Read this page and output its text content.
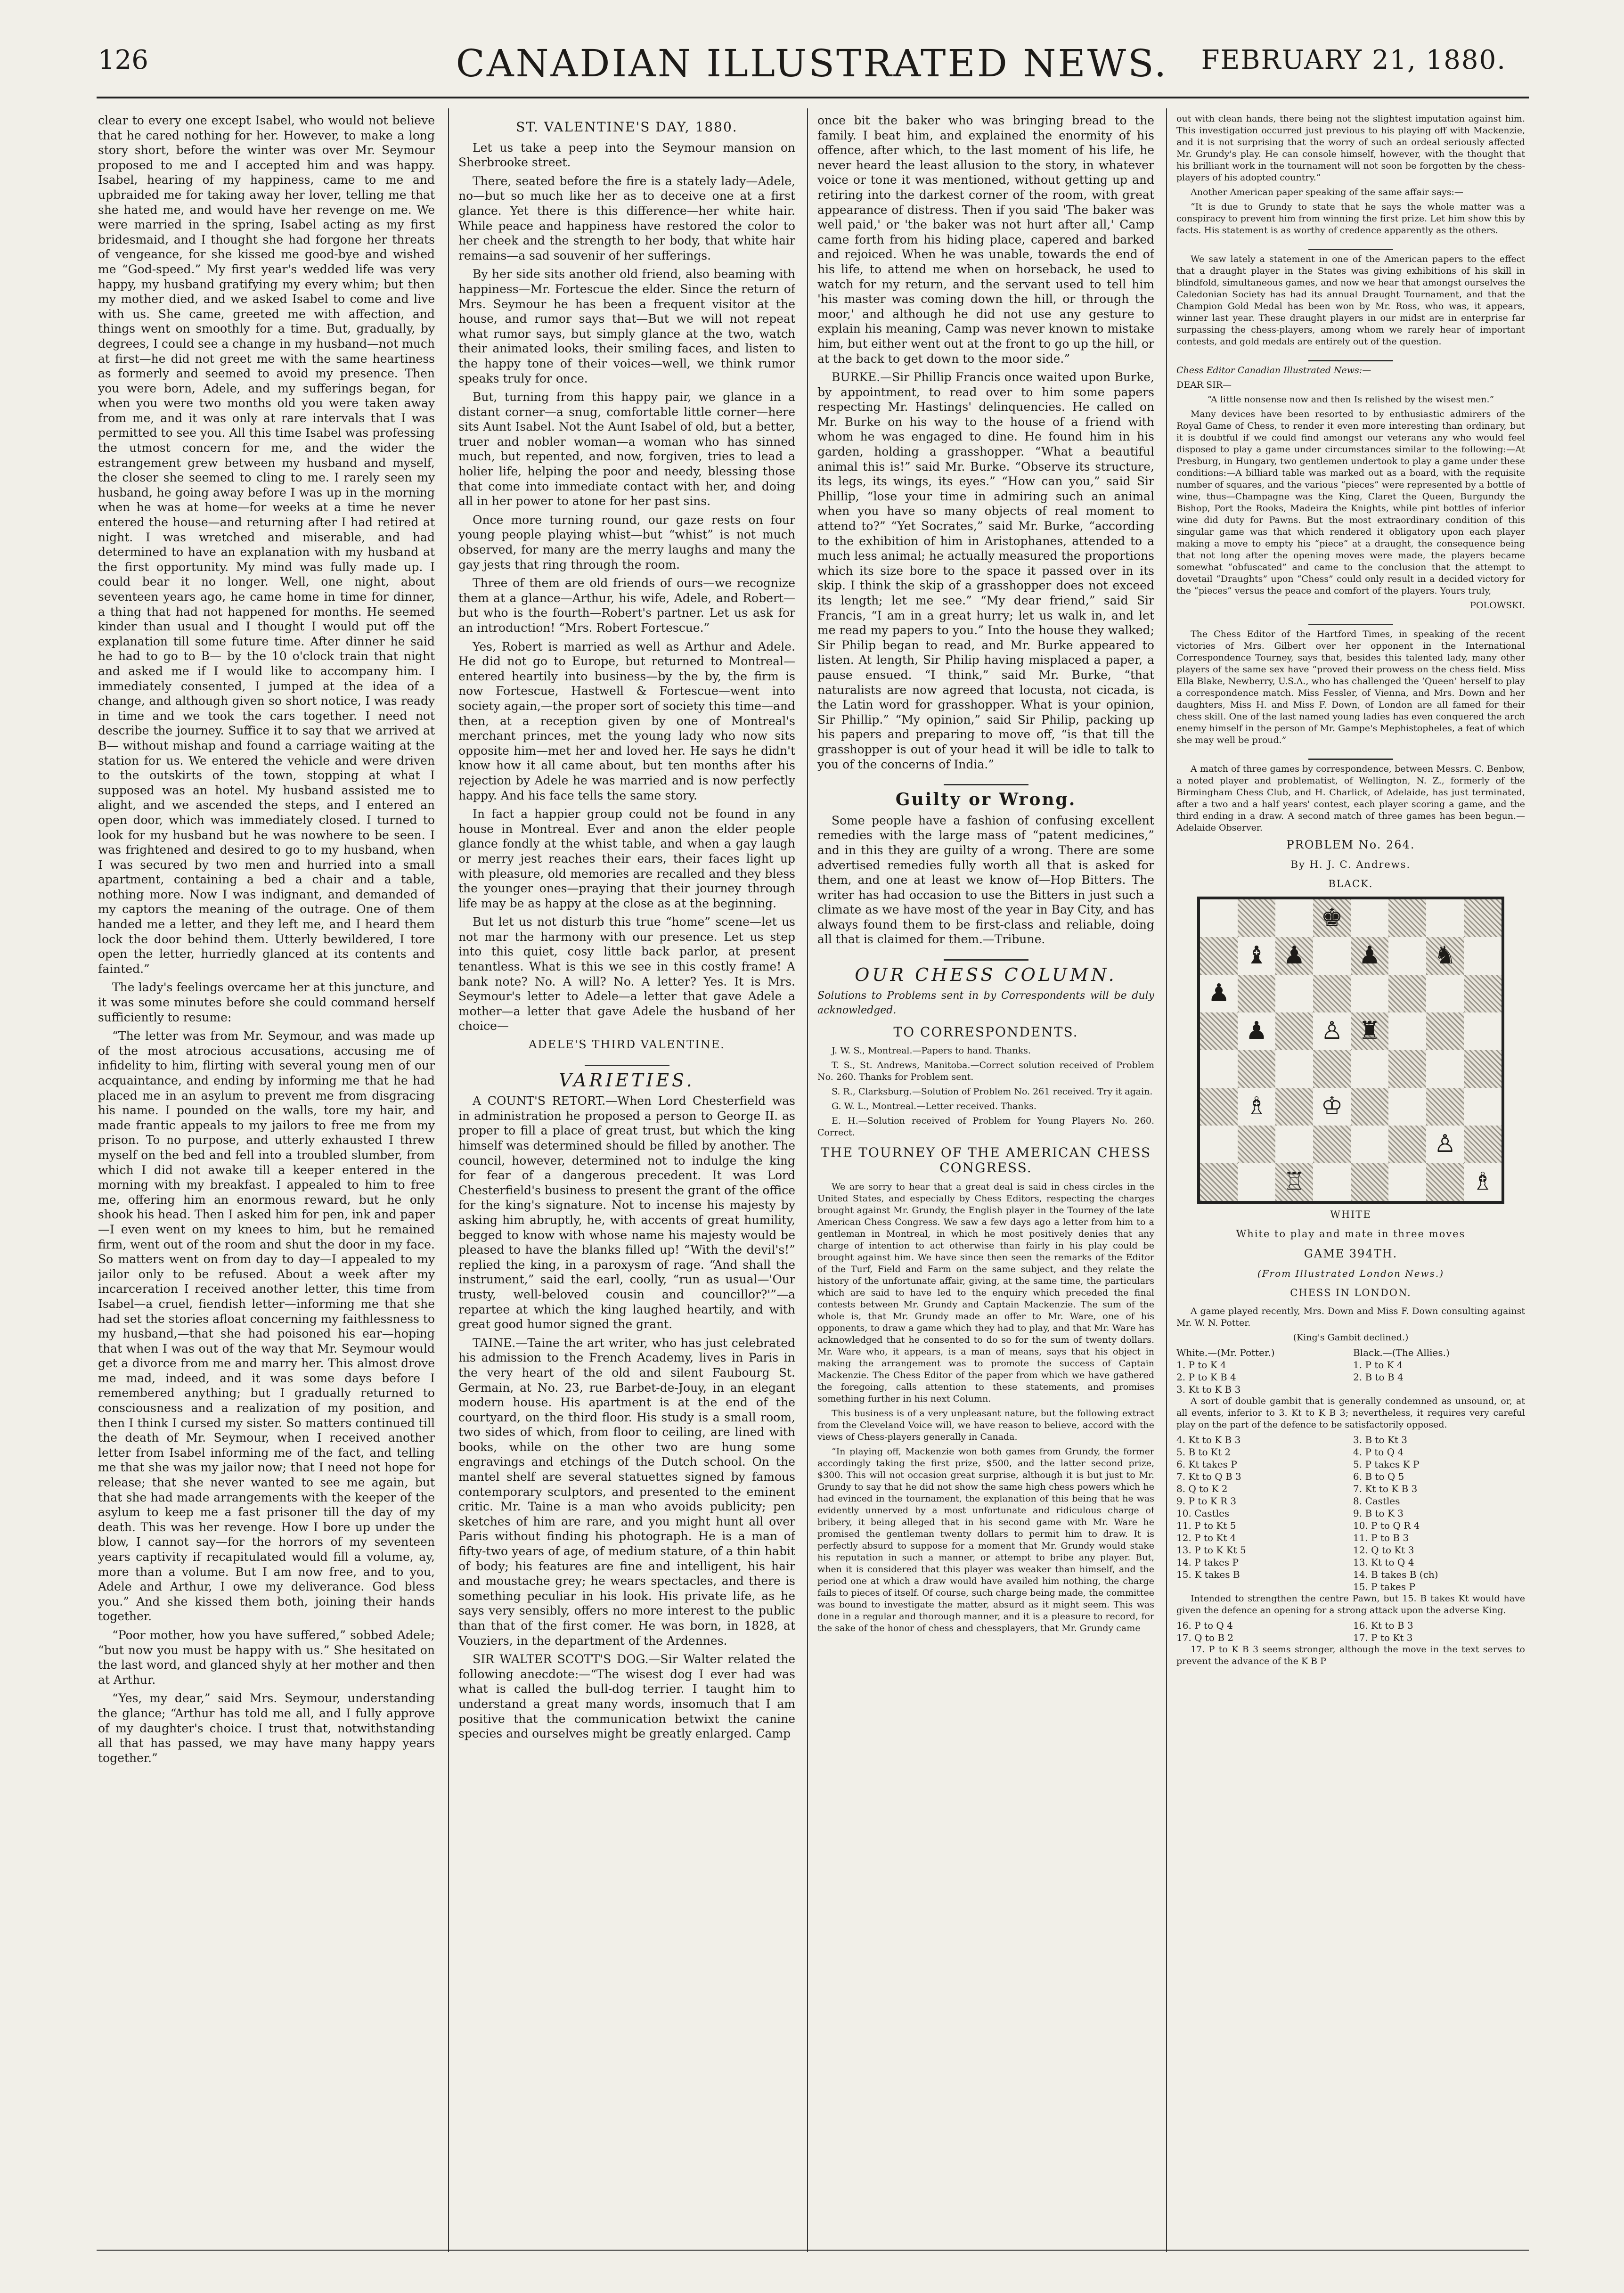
126	CANADIAN ILLUSTRATED NEWS.	FEBRUARY 21, 1880.

clear to every one except Isabel, who would not believe that he cared nothing for her. However, to make a long story short, before the winter was over Mr. Seymour proposed to me and I accepted him and was happy. Isabel, hearing of my happiness, came to me and upbraided me for taking away her lover, telling me that she hated me, and would have her revenge on me. We were married in the spring, Isabel acting as my first bridesmaid, and I thought she had forgone her threats of vengeance, for she kissed me good-bye and wished me “God-speed.” My first year's wedded life was very happy, my husband gratifying my every whim; but then my mother died, and we asked Isabel to come and live with us. She came, greeted me with affection, and things went on smoothly for a time. But, gradually, by degrees, I could see a change in my husband—not much at first—he did not greet me with the same heartiness as formerly and seemed to avoid my presence. Then you were born, Adele, and my sufferings began, for when you were two months old you were taken away from me, and it was only at rare intervals that I was permitted to see you. All this time Isabel was professing the utmost concern for me, and the wider the estrangement grew between my husband and myself, the closer she seemed to cling to me. I rarely seen my husband, he going away before I was up in the morning when he was at home—for weeks at a time he never entered the house—and returning after I had retired at night. I was wretched and miserable, and had determined to have an explanation with my husband at the first opportunity. My mind was fully made up. I could bear it no longer. Well, one night, about seventeen years ago, he came home in time for dinner, a thing that had not happened for months. He seemed kinder than usual and I thought I would put off the explanation till some future time. After dinner he said he had to go to B— by the 10 o'clock train that night and asked me if I would like to accompany him. I immediately consented, I jumped at the idea of a change, and although given so short notice, I was ready in time and we took the cars together. I need not describe the journey. Suffice it to say that we arrived at B— without mishap and found a carriage waiting at the station for us. We entered the vehicle and were driven to the outskirts of the town, stopping at what I supposed was an hotel. My husband assisted me to alight, and we ascended the steps, and I entered an open door, which was immediately closed. I turned to look for my husband but he was nowhere to be seen. I was frightened and desired to go to my husband, when I was secured by two men and hurried into a small apartment, containing a bed a chair and a table, nothing more. Now I was indignant, and demanded of my captors the meaning of the outrage. One of them handed me a letter, and they left me, and I heard them lock the door behind them. Utterly bewildered, I tore open the letter, hurriedly glanced at its contents and fainted.”

The lady's feelings overcame her at this juncture, and it was some minutes before she could command herself sufficiently to resume:

“The letter was from Mr. Seymour, and was made up of the most atrocious accusations, accusing me of infidelity to him, flirting with several young men of our acquaintance, and ending by informing me that he had placed me in an asylum to prevent me from disgracing his name. I pounded on the walls, tore my hair, and made frantic appeals to my jailors to free me from my prison. To no purpose, and utterly exhausted I threw myself on the bed and fell into a troubled slumber, from which I did not awake till a keeper entered in the morning with my breakfast. I appealed to him to free me, offering him an enormous reward, but he only shook his head. Then I asked him for pen, ink and paper—I even went on my knees to him, but he remained firm, went out of the room and shut the door in my face. So matters went on from day to day—I appealed to my jailor only to be refused. About a week after my incarceration I received another letter, this time from Isabel—a cruel, fiendish letter—informing me that she had set the stories afloat concerning my faithlessness to my husband,—that she had poisoned his ear—hoping that when I was out of the way that Mr. Seymour would get a divorce from me and marry her. This almost drove me mad, indeed, and it was some days before I remembered anything; but I gradually returned to consciousness and a realization of my position, and then I think I cursed my sister. So matters continued till the death of Mr. Seymour, when I received another letter from Isabel informing me of the fact, and telling me that she was my jailor now; that I need not hope for release; that she never wanted to see me again, but that she had made arrangements with the keeper of the asylum to keep me a fast prisoner till the day of my death. This was her revenge. How I bore up under the blow, I cannot say—for the horrors of my seventeen years captivity if recapitulated would fill a volume, ay, more than a volume. But I am now free, and to you, Adele and Arthur, I owe my deliverance. God bless you.” And she kissed them both, joining their hands together.

“Poor mother, how you have suffered,” sobbed Adele; “but now you must be happy with us.” She hesitated on the last word, and glanced shyly at her mother and then at Arthur.

“Yes, my dear,” said Mrs. Seymour, understanding the glance; “Arthur has told me all, and I fully approve of my daughter's choice. I trust that, notwithstanding all that has passed, we may have many happy years together.”

ST. VALENTINE'S DAY, 1880.

Let us take a peep into the Seymour mansion on Sherbrooke street.

There, seated before the fire is a stately lady—Adele, no—but so much like her as to deceive one at a first glance. Yet there is this difference—her white hair. While peace and happiness have restored the color to her cheek and the strength to her body, that white hair remains—a sad souvenir of her sufferings.

By her side sits another old friend, also beaming with happiness—Mr. Fortescue the elder. Since the return of Mrs. Seymour he has been a frequent visitor at the house, and rumor says that—But we will not repeat what rumor says, but simply glance at the two, watch their animated looks, their smiling faces, and listen to the happy tone of their voices—well, we think rumor speaks truly for once.

But, turning from this happy pair, we glance in a distant corner—a snug, comfortable little corner—here sits Aunt Isabel. Not the Aunt Isabel of old, but a better, truer and nobler woman—a woman who has sinned much, but repented, and now, forgiven, tries to lead a holier life, helping the poor and needy, blessing those that come into immediate contact with her, and doing all in her power to atone for her past sins.

Once more turning round, our gaze rests on four young people playing whist—but “whist” is not much observed, for many are the merry laughs and many the gay jests that ring through the room.

Three of them are old friends of ours—we recognize them at a glance—Arthur, his wife, Adele, and Robert—but who is the fourth—Robert's partner. Let us ask for an introduction! “Mrs. Robert Fortescue.”

Yes, Robert is married as well as Arthur and Adele. He did not go to Europe, but returned to Montreal—entered heartily into business—by the by, the firm is now Fortescue, Hastwell & Fortescue—went into society again,—the proper sort of society this time—and then, at a reception given by one of Montreal's merchant princes, met the young lady who now sits opposite him—met her and loved her. He says he didn't know how it all came about, but ten months after his rejection by Adele he was married and is now perfectly happy. And his face tells the same story.

In fact a happier group could not be found in any house in Montreal. Ever and anon the elder people glance fondly at the whist table, and when a gay laugh or merry jest reaches their ears, their faces light up with pleasure, old memories are recalled and they bless the younger ones—praying that their journey through life may be as happy at the close as at the beginning.

But let us not disturb this true “home” scene—let us not mar the harmony with our presence. Let us step into this quiet, cosy little back parlor, at present tenantless. What is this we see in this costly frame! A bank note? No. A will? No. A letter? Yes. It is Mrs. Seymour's letter to Adele—a letter that gave Adele a mother—a letter that gave Adele the husband of her choice—

ADELE'S THIRD VALENTINE.
VARIETIES.

A COUNT'S RETORT.—When Lord Chesterfield was in administration he proposed a person to George II. as proper to fill a place of great trust, but which the king himself was determined should be filled by another. The council, however, determined not to indulge the king for fear of a dangerous precedent. It was Lord Chesterfield's business to present the grant of the office for the king's signature. Not to incense his majesty by asking him abruptly, he, with accents of great humility, begged to know with whose name his majesty would be pleased to have the blanks filled up! “With the devil's!” replied the king, in a paroxysm of rage. “And shall the instrument,” said the earl, coolly, “run as usual—'Our trusty, well-beloved cousin and councillor?'”—a repartee at which the king laughed heartily, and with great good humor signed the grant.

TAINE.—Taine the art writer, who has just celebrated his admission to the French Academy, lives in Paris in the very heart of the old and silent Faubourg St. Germain, at No. 23, rue Barbet-de-Jouy, in an elegant modern house. His apartment is at the end of the courtyard, on the third floor. His study is a small room, two sides of which, from floor to ceiling, are lined with books, while on the other two are hung some engravings and etchings of the Dutch school. On the mantel shelf are several statuettes signed by famous contemporary sculptors, and presented to the eminent critic. Mr. Taine is a man who avoids publicity; pen sketches of him are rare, and you might hunt all over Paris without finding his photograph. He is a man of fifty-two years of age, of medium stature, of a thin habit of body; his features are fine and intelligent, his hair and moustache grey; he wears spectacles, and there is something peculiar in his look. His private life, as he says very sensibly, offers no more interest to the public than that of the first comer. He was born, in 1828, at Vouziers, in the department of the Ardennes.

SIR WALTER SCOTT'S DOG.—Sir Walter related the following anecdote:—“The wisest dog I ever had was what is called the bull-dog terrier. I taught him to understand a great many words, insomuch that I am positive that the communication betwixt the canine species and ourselves might be greatly enlarged. Camp

once bit the baker who was bringing bread to the family. I beat him, and explained the enormity of his offence, after which, to the last moment of his life, he never heard the least allusion to the story, in whatever voice or tone it was mentioned, without getting up and retiring into the darkest corner of the room, with great appearance of distress. Then if you said 'The baker was well paid,' or 'the baker was not hurt after all,' Camp came forth from his hiding place, capered and barked and rejoiced. When he was unable, towards the end of his life, to attend me when on horseback, he used to watch for my return, and the servant used to tell him 'his master was coming down the hill, or through the moor,' and although he did not use any gesture to explain his meaning, Camp was never known to mistake him, but either went out at the front to go up the hill, or at the back to get down to the moor side.”

BURKE.—Sir Phillip Francis once waited upon Burke, by appointment, to read over to him some papers respecting Mr. Hastings' delinquencies. He called on Mr. Burke on his way to the house of a friend with whom he was engaged to dine. He found him in his garden, holding a grasshopper. “What a beautiful animal this is!” said Mr. Burke. “Observe its structure, its legs, its wings, its eyes.” “How can you,” said Sir Phillip, “lose your time in admiring such an animal when you have so many objects of real moment to attend to?” “Yet Socrates,” said Mr. Burke, “according to the exhibition of him in Aristophanes, attended to a much less animal; he actually measured the proportions which its size bore to the space it passed over in its skip. I think the skip of a grasshopper does not exceed its length; let me see.” “My dear friend,” said Sir Francis, “I am in a great hurry; let us walk in, and let me read my papers to you.” Into the house they walked; Sir Philip began to read, and Mr. Burke appeared to listen. At length, Sir Philip having misplaced a paper, a pause ensued. “I think,” said Mr. Burke, “that naturalists are now agreed that locusta, not cicada, is the Latin word for grasshopper. What is your opinion, Sir Phillip.” “My opinion,” said Sir Philip, packing up his papers and preparing to move off, “is that till the grasshopper is out of your head it will be idle to talk to you of the concerns of India.”

Guilty or Wrong.

Some people have a fashion of confusing excellent remedies with the large mass of “patent medicines,” and in this they are guilty of a wrong. There are some advertised remedies fully worth all that is asked for them, and one at least we know of—Hop Bitters. The writer has had occasion to use the Bitters in just such a climate as we have most of the year in Bay City, and has always found them to be first-class and reliable, doing all that is claimed for them.—Tribune.

OUR CHESS COLUMN.

Solutions to Problems sent in by Correspondents will be duly acknowledged.

TO CORRESPONDENTS.

J. W. S., Montreal.—Papers to hand. Thanks.

T. S., St. Andrews, Manitoba.—Correct solution received of Problem No. 260. Thanks for Problem sent.

S. R., Clarksburg.—Solution of Problem No. 261 received. Try it again.

G. W. L., Montreal.—Letter received. Thanks.

E. H.—Solution received of Problem for Young Players No. 260. Correct.

THE TOURNEY OF THE AMERICAN CHESS CONGRESS.

We are sorry to hear that a great deal is said in chess circles in the United States, and especially by Chess Editors, respecting the charges brought against Mr. Grundy, the English player in the Tourney of the late American Chess Congress. We saw a few days ago a letter from him to a gentleman in Montreal, in which he most positively denies that any charge of intention to act otherwise than fairly in his play could be brought against him. We have since then seen the remarks of the Editor of the Turf, Field and Farm on the same subject, and they relate the history of the unfortunate affair, giving, at the same time, the particulars which are said to have led to the enquiry which preceded the final contests between Mr. Grundy and Captain Mackenzie. The sum of the whole is, that Mr. Grundy made an offer to Mr. Ware, one of his opponents, to draw a game which they had to play, and that Mr. Ware has acknowledged that he consented to do so for the sum of twenty dollars. Mr. Ware who, it appears, is a man of means, says that his object in making the arrangement was to promote the success of Captain Mackenzie. The Chess Editor of the paper from which we have gathered the foregoing, calls attention to these statements, and promises something further in his next Column.

This business is of a very unpleasant nature, but the following extract from the Cleveland Voice will, we have reason to believe, accord with the views of Chess-players generally in Canada.

“In playing off, Mackenzie won both games from Grundy, the former accordingly taking the first prize, $500, and the latter second prize, $300. This will not occasion great surprise, although it is but just to Mr. Grundy to say that he did not show the same high chess powers which he had evinced in the tournament, the explanation of this being that he was evidently unnerved by a most unfortunate and ridiculous charge of bribery, it being alleged that in his second game with Mr. Ware he promised the gentleman twenty dollars to permit him to draw. It is perfectly absurd to suppose for a moment that Mr. Grundy would stake his reputation in such a manner, or attempt to bribe any player. But, when it is considered that this player was weaker than himself, and the period one at which a draw would have availed him nothing, the charge fails to pieces of itself. Of course, such charge being made, the committee was bound to investigate the matter, absurd as it might seem. This was done in a regular and thorough manner, and it is a pleasure to record, for the sake of the honor of chess and chessplayers, that Mr. Grundy came

out with clean hands, there being not the slightest imputation against him. This investigation occurred just previous to his playing off with Mackenzie, and it is not surprising that the worry of such an ordeal seriously affected Mr. Grundy's play. He can console himself, however, with the thought that his brilliant work in the tournament will not soon be forgotten by the chess-players of his adopted country.”

Another American paper speaking of the same affair says:—

“It is due to Grundy to state that he says the whole matter was a conspiracy to prevent him from winning the first prize. Let him show this by facts. His statement is as worthy of credence apparently as the others.

We saw lately a statement in one of the American papers to the effect that a draught player in the States was giving exhibitions of his skill in blindfold, simultaneous games, and now we hear that amongst ourselves the Caledonian Society has had its annual Draught Tournament, and that the Champion Gold Medal has been won by Mr. Ross, who was, it appears, winner last year. These draught players in our midst are in enterprise far surpassing the chess-players, among whom we rarely hear of important contests, and gold medals are entirely out of the question.

Chess Editor Canadian Illustrated News:—

DEAR SIR—

“A little nonsense now and then Is relished by the wisest men.”

Many devices have been resorted to by enthusiastic admirers of the Royal Game of Chess, to render it even more interesting than ordinary, but it is doubtful if we could find amongst our veterans any who would feel disposed to play a game under circumstances similar to the following:—At Presburg, in Hungary, two gentlemen undertook to play a game under these conditions:—A billiard table was marked out as a board, with the requisite number of squares, and the various “pieces” were represented by a bottle of wine, thus—Champagne was the King, Claret the Queen, Burgundy the Bishop, Port the Rooks, Madeira the Knights, while pint bottles of inferior wine did duty for Pawns. But the most extraordinary condition of this singular game was that which rendered it obligatory upon each player making a move to empty his “piece” at a draught, the consequence being that not long after the opening moves were made, the players became somewhat “obfuscated” and came to the conclusion that the attempt to dovetail “Draughts” upon “Chess” could only result in a decided victory for the “pieces” versus the peace and comfort of the players. Yours truly,

POLOWSKI.

The Chess Editor of the Hartford Times, in speaking of the recent victories of Mrs. Gilbert over her opponent in the International Correspondence Tourney, says that, besides this talented lady, many other players of the same sex have “proved their prowess on the chess field. Miss Ella Blake, Newberry, U.S.A., who has challenged the ‘Queen’ herself to play a correspondence match. Miss Fessler, of Vienna, and Mrs. Down and her daughters, Miss H. and Miss F. Down, of London are all famed for their chess skill. One of the last named young ladies has even conquered the arch enemy himself in the person of Mr. Gampe's Mephistopheles, a feat of which she may well be proud.”

A match of three games by correspondence, between Messrs. C. Benbow, a noted player and problematist, of Wellington, N. Z., formerly of the Birmingham Chess Club, and H. Charlick, of Adelaide, has just terminated, after a two and a half years' contest, each player scoring a game, and the third ending in a draw. A second match of three games has been begun.—Adelaide Observer.

PROBLEM No. 264.
By H. J. C. Andrews.
BLACK.
♚
♝ ♟	♟	♞
♟
♟	♙ ♜
♗	♔
♙
♖	♗
WHITE
White to play and mate in three moves
GAME 394TH.
(From Illustrated London News.)
CHESS IN LONDON.

A game played recently, Mrs. Down and Miss F. Down consulting against Mr. W. N. Potter.

(King's Gambit declined.)

White.—(Mr. Potter.)	Black.—(The Allies.)
1. P to K 4	1. P to K 4
2. P to K B 4	2. B to B 4
3. Kt to K B 3

A sort of double gambit that is generally condemned as unsound, or, at all events, inferior to 3. Kt to K B 3; nevertheless, it requires very careful play on the part of the defence to be satisfactorily opposed.

4. Kt to K B 3	3. B to Kt 3
5. B to Kt 2	4. P to Q 4
6. Kt takes P	5. P takes K P
7. Kt to Q B 3	6. B to Q 5
8. Q to K 2	7. Kt to K B 3
9. P to K R 3	8. Castles
10. Castles	9. B to K 3
11. P to Kt 5	10. P to Q R 4
12. P to Kt 4	11. P to B 3
13. P to K Kt 5	12. Q to Kt 3
14. P takes P	13. Kt to Q 4
15. K takes B	14. B takes B (ch)
15. P takes P

Intended to strengthen the centre Pawn, but 15. B takes Kt would have given the defence an opening for a strong attack upon the adverse King.

16. P to Q 4	16. Kt to B 3
17. Q to B 2	17. P to Kt 3

17. P to K B 3 seems stronger, although the move in the text serves to prevent the advance of the K B P
